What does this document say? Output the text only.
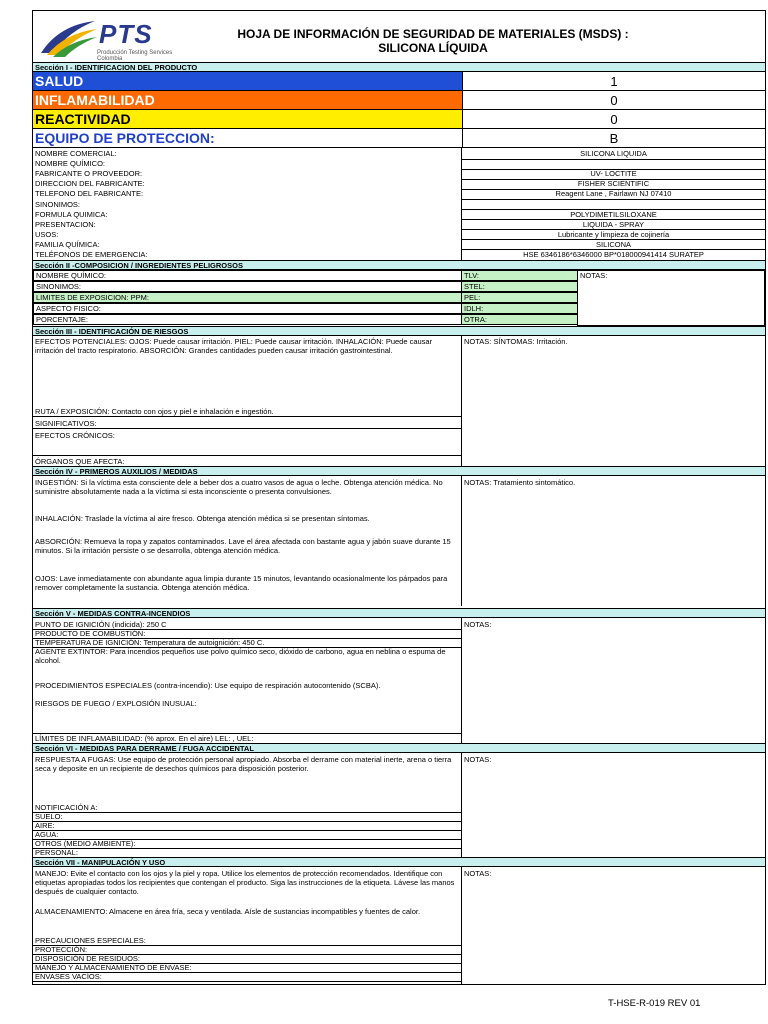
PTS
Producción Testing Services Colombia
HOJA DE INFORMACIÓN DE SEGURIDAD DE MATERIALES (MSDS) :
SILICONA LÍQUIDA
Sección I - IDENTIFICACION DEL PRODUCTO
SALUD	1
INFLAMABILIDAD	0
REACTIVIDAD	0
EQUIPO DE PROTECCION:	B
NOMBRE COMERCIAL:	SILICONA LIQUIDA
NOMBRE QUÍMICO:
FABRICANTE O PROVEEDOR:	UV- LOCTITE
DIRECCION DEL FABRICANTE:	FISHER SCIENTIFIC
TELEFONO DEL FABRICANTE:	Reagent Lane , Fairlawn NJ 07410
SINONIMOS:
FORMULA QUIMICA:	POLYDIMETILSILOXANE
PRESENTACION:	LIQUIDA - SPRAY
USOS:	Lubricante y limpieza de cojinería
FAMILIA QUÍMICA:	SILICONA
TELÉFONOS DE EMERGENCIA:	HSE 6346186*6346000 BP*018000941414 SURATEP
Sección II -COMPOSICION / INGREDIENTES PELIGROSOS
NOMBRE QUÍMICO:	TLV:
SINONIMOS:	STEL:
LIMITES DE EXPOSICION: PPM:	PEL:
ASPECTO FISICO:	IDLH:
PORCENTAJE:	OTRA:
NOTAS:
Sección III - IDENTIFICACIÓN DE RIESGOS
EFECTOS POTENCIALES: OJOS: Puede causar irritación. PIEL: Puede causar irritación. INHALACIÓN: Puede causar irritación del tracto respiratorio. ABSORCIÓN: Grandes cantidades pueden causar irritación gastrointestinal.
NOTAS: SÍNTOMAS: Irritación.
RUTA / EXPOSICIÓN: Contacto con ojos y piel e inhalación e ingestión.
SIGNIFICATIVOS:
EFECTOS CRÓNICOS:
ÓRGANOS QUE AFECTA:
Sección IV - PRIMEROS AUXILIOS / MEDIDAS
INGESTIÓN: Si la víctima esta consciente dele a beber dos a cuatro vasos de agua o leche. Obtenga atención médica. No suministre absolutamente nada a la víctima si esta inconsciente o presenta convulsiones.
NOTAS: Tratamiento sintomático.
INHALACIÓN: Traslade la víctima al aire fresco. Obtenga atención médica si se presentan síntomas.
ABSORCIÓN: Remueva la ropa y zapatos contaminados. Lave el área afectada con bastante agua y jabón suave durante 15 minutos. Si la irritación persiste o se desarrolla, obtenga atención médica.
OJOS: Lave inmediatamente con abundante agua limpia durante 15 minutos, levantando ocasionalmente los párpados para remover completamente la sustancia. Obtenga atención médica.
Sección V - MEDIDAS CONTRA-INCENDIOS
PUNTO DE IGNICIÓN (indicida): 250 C
PRODUCTO DE COMBUSTIÓN:
TEMPERATURA DE IGNICIÓN: Temperatura de autoignición: 450 C.
AGENTE EXTINTOR: Para incendios pequeños use polvo químico seco, dióxido de carbono, agua en neblina o espuma de alcohol.
NOTAS:
PROCEDIMIENTOS ESPECIALES (contra-incendio): Use equipo de respiración autocontenido (SCBA).
RIESGOS DE FUEGO / EXPLOSIÓN INUSUAL:
LÍMITES DE INFLAMABILIDAD: (% aprox. En el aire) LEL: , UEL:
Sección VI - MEDIDAS PARA DERRAME / FUGA ACCIDENTAL
RESPUESTA A FUGAS: Use equipo de protección personal apropiado. Absorba el derrame con material inerte, arena o tierra seca y deposite en un recipiente de desechos químicos para disposición posterior.
NOTAS:
NOTIFICACIÓN A:
SUELO:
AIRE:
AGUA:
OTROS (MEDIO AMBIENTE):
PERSONAL:
Sección VII - MANIPULACIÓN Y USO
MANEJO: Evite el contacto con los ojos y la piel y ropa. Utilice los elementos de protección recomendados. Identifique con etiquetas apropiadas todos los recipientes que contengan el producto. Siga las instrucciones de la etiqueta. Lávese las manos después de cualquier contacto.
NOTAS:
ALMACENAMIENTO: Almacene en área fría, seca y ventilada. Aísle de sustancias incompatibles y fuentes de calor.
PRECAUCIONES ESPECIALES:
PROTECCIÓN:
DISPOSICIÓN DE RESIDUOS:
MANEJO Y ALMACENAMIENTO DE ENVASE:
ENVASES VACÍOS:
T-HSE-R-019 REV 01
